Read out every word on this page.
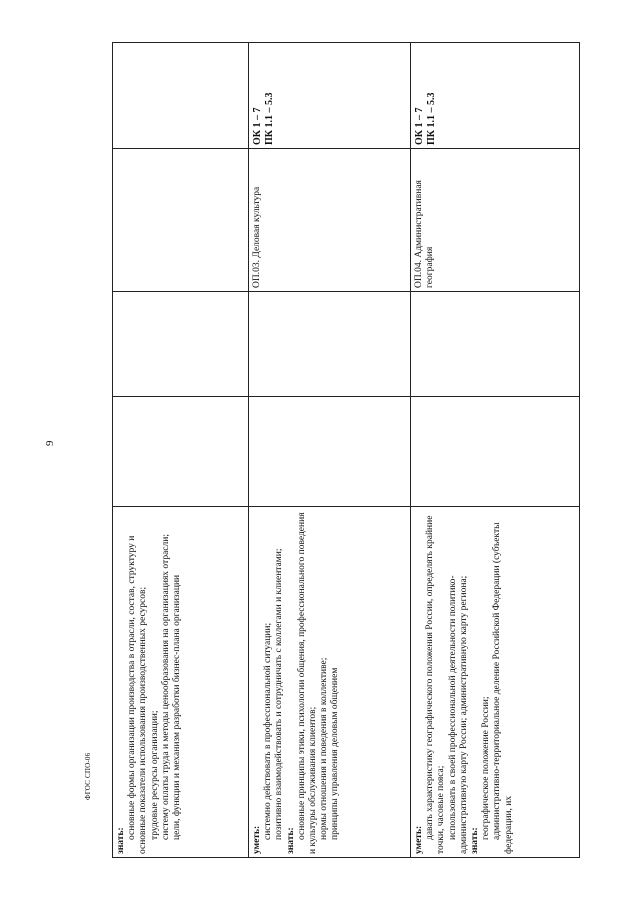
9
ФГОС СПО-06
знать:
основные формы организации производства в отрасли, состав, структуру и основные показатели использования производственных ресурсов; трудовые ресурсы организации; систему оплаты труда и методы ценообразования на организациях отрасли; цели, функции и механизм разработки бизнес-плана организации	уметь: системно действовать в профессиональной ситуации; позитивно взаимодействовать и сотрудничать с коллегами и клиентами;
знать:
основные принципы этики, психологии общения, профессионального поведения и культуры обслуживания клиентов; нормы отношения и поведения в коллективе; принципы управления деловым общением
ОП.03. Деловая культура
ОК 1 – 7
ПК 1.1 – 5.3
уметь: давать характеристику географического положения России, определять крайние точки, часовые пояса; использовать в своей профессиональной деятельности политико-административную карту России; административную карту региона; знать:
географическое положение России; административно-территориальное деление Российской Федерации (субъекты федерации, их
ОП.04. Административная география
ОК 1 – 7
ПК 1.1 – 5.3
